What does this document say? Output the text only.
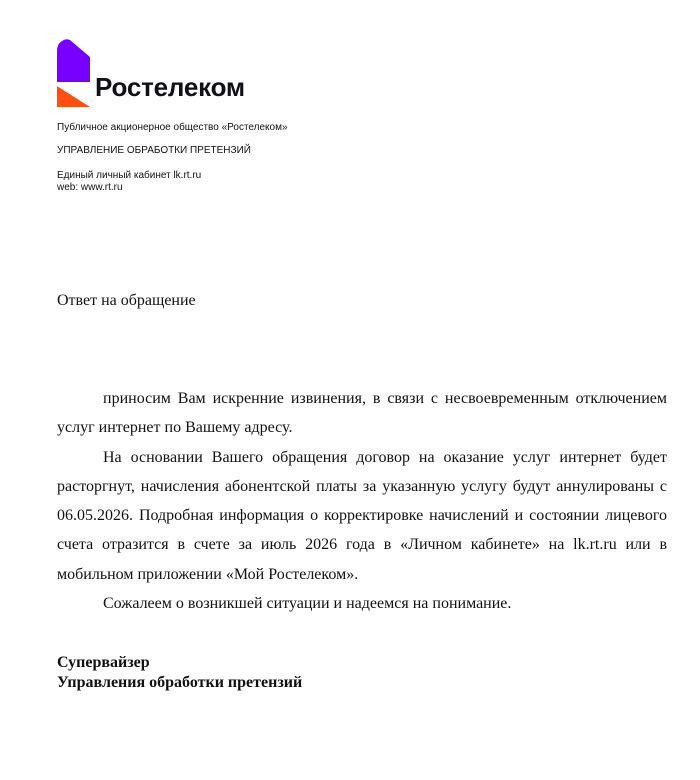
Ростелеком
Публичное акционерное общество «Ростелеком»
УПРАВЛЕНИЕ ОБРАБОТКИ ПРЕТЕНЗИЙ
Единый личный кабинет lk.rt.ru
web: www.rt.ru
Ответ на обращение

приносим Вам искренние извинения, в связи с несвоевременным отключением услуг интернет по Вашему адресу.

На основании Вашего обращения договор на оказание услуг интернет будет расторгнут, начисления абонентской платы за указанную услугу будут аннулированы с 06.05.2026. Подробная информация о корректировке начислений и состоянии лицевого счета отразится в счете за июль 2026 года в «Личном кабинете» на lk.rt.ru или в мобильном приложении «Мой Ростелеком».

Сожалеем о возникшей ситуации и надеемся на понимание.

Супервайзер
Управления обработки претензий
